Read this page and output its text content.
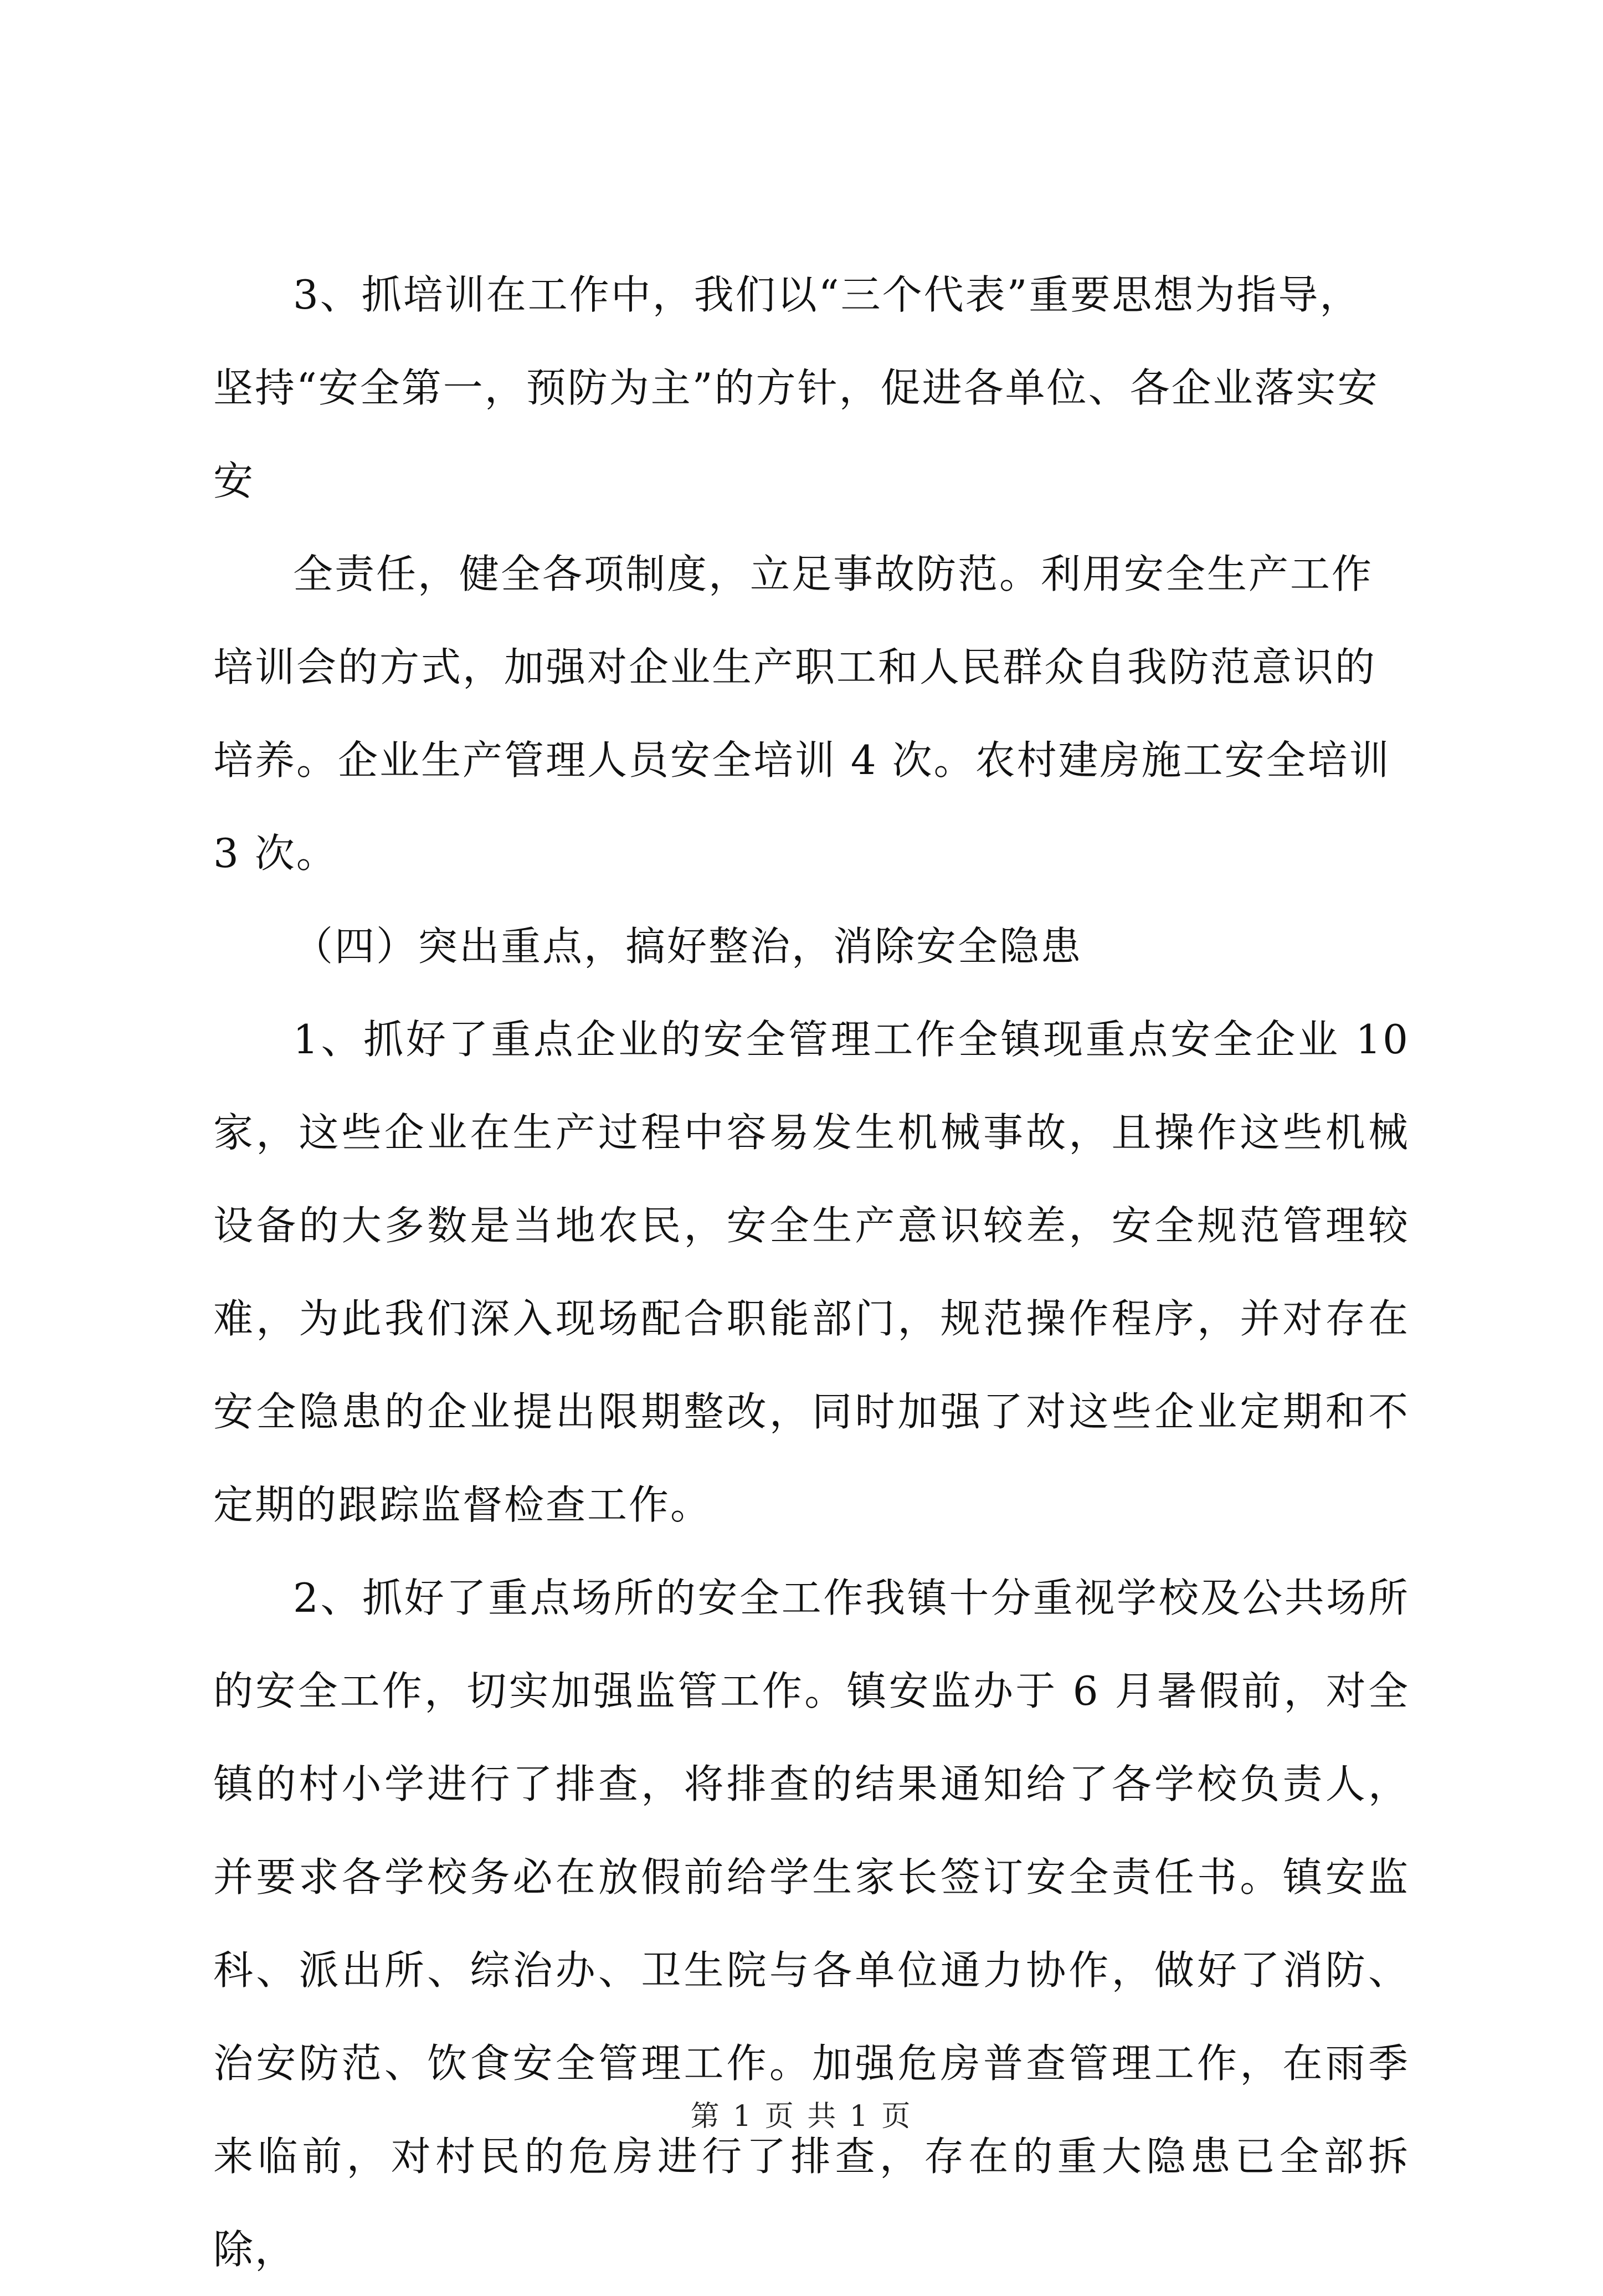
3、抓培训在工作中，我们以“三个代表”重要思想为指导，

坚持“安全第一，预防为主”的方针，促进各单位、各企业落实安

安

全责任，健全各项制度，立足事故防范。利用安全生产工作

培训会的方式，加强对企业生产职工和人民群众自我防范意识的

培养。企业生产管理人员安全培训 4 次。农村建房施工安全培训

3 次。

（四）突出重点，搞好整治，消除安全隐患

1、抓好了重点企业的安全管理工作全镇现重点安全企业 10 家，这些企业在生产过程中容易发生机械事故，且操作这些机械设备的大多数是当地农民，安全生产意识较差，安全规范管理较难，为此我们深入现场配合职能部门，规范操作程序，并对存在安全隐患的企业提出限期整改，同时加强了对这些企业定期和不定期的跟踪监督检查工作。

2、抓好了重点场所的安全工作我镇十分重视学校及公共场所的安全工作，切实加强监管工作。镇安监办于 6 月暑假前，对全镇的村小学进行了排查，将排查的结果通知给了各学校负责人，并要求各学校务必在放假前给学生家长签订安全责任书。镇安监科、派出所、综治办、卫生院与各单位通力协作，做好了消防、治安防范、饮食安全管理工作。加强危房普查管理工作，在雨季来临前，对村民的危房进行了排查，存在的重大隐患已全部拆除，

第 1 页 共 1 页
